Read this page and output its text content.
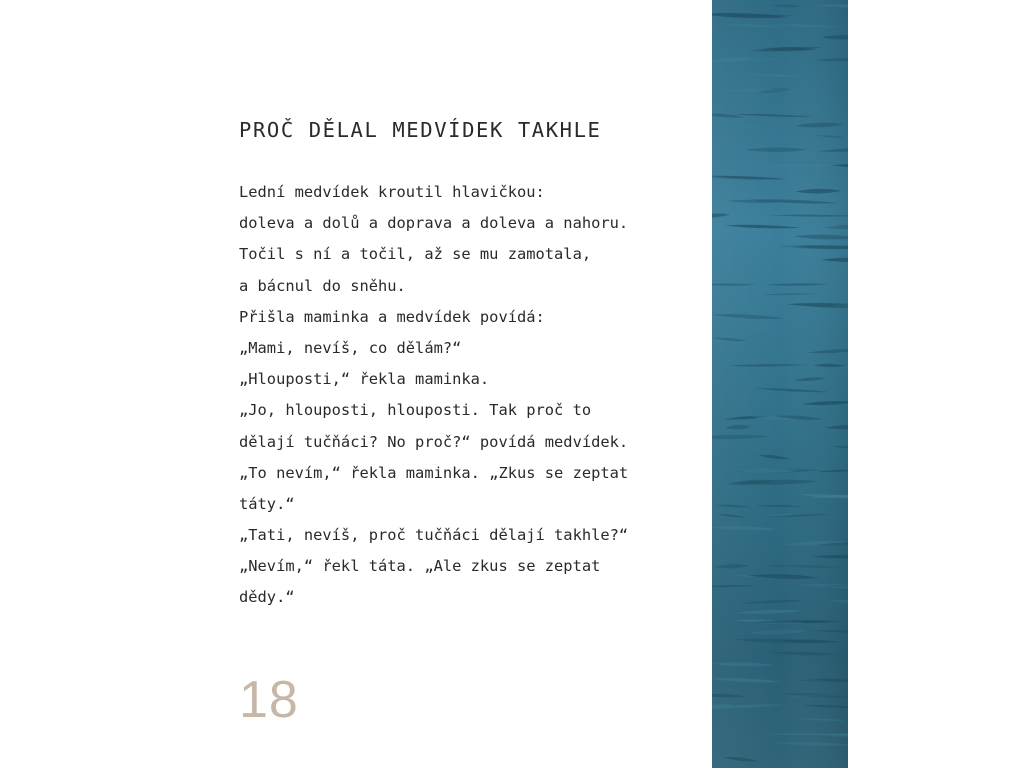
PROČ DĚLAL MEDVÍDEK TAKHLE
Lední medvídek kroutil hlavičkou:
doleva a dolů a doprava a doleva a nahoru.
Točil s ní a točil, až se mu zamotala,
a bácnul do sněhu.
Přišla maminka a medvídek povídá:
„Mami, nevíš, co dělám?“
„Hlouposti,“ řekla maminka.
„Jo, hlouposti, hlouposti. Tak proč to
dělají tučňáci? No proč?“ povídá medvídek.
„To nevím,“ řekla maminka. „Zkus se zeptat
táty.“
„Tati, nevíš, proč tučňáci dělají takhle?“
„Nevím,“ řekl táta. „Ale zkus se zeptat
dědy.“
18
